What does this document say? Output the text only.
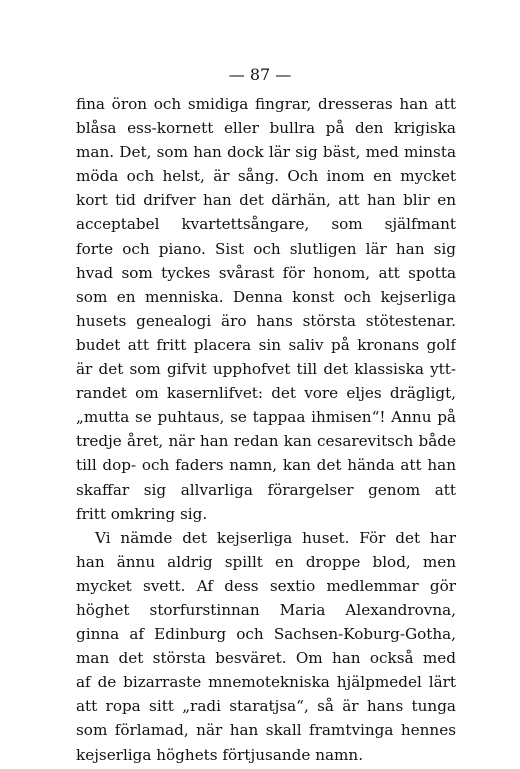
— 87 —
fina öron och smidiga fingrar, dresseras han att
blåsa ess-kornett eller bullra på den krigiska
man. Det, som han dock lär sig bäst, med minsta
möda och helst, är sång. Och inom en mycket
kort tid drifver han det därhän, att han blir en
acceptabel kvartettsångare, som själfmant
forte och piano. Sist och slutligen lär han sig
hvad som tyckes svårast för honom, att spotta
som en menniska. Denna konst och kejserliga
husets genealogi äro hans största stötestenar.
budet att fritt placera sin saliv på kronans golf
är det som gifvit upphofvet till det klassiska ytt-
randet om kasernlifvet: det vore eljes drägligt,
„mutta se puhtaus, se tappaa ihmisen“! Annu på
tredje året, när han redan kan cesarevitsch både
till dop- och faders namn, kan det hända att han
skaffar sig allvarliga förargelser genom att
fritt omkring sig.
Vi nämde det kejserliga huset. För det har
han ännu aldrig spillt en droppe blod, men
mycket svett. Af dess sextio medlemmar gör
höghet storfurstinnan Maria Alexandrovna,
ginna af Edinburg och Sachsen-Koburg-Gotha,
man det största besväret. Om han också med
af de bizarraste mnemotekniska hjälpmedel lärt
att ropa sitt „radi staratjsa“, så är hans tunga
som förlamad, när han skall framtvinga hennes
kejserliga höghets förtjusande namn.
